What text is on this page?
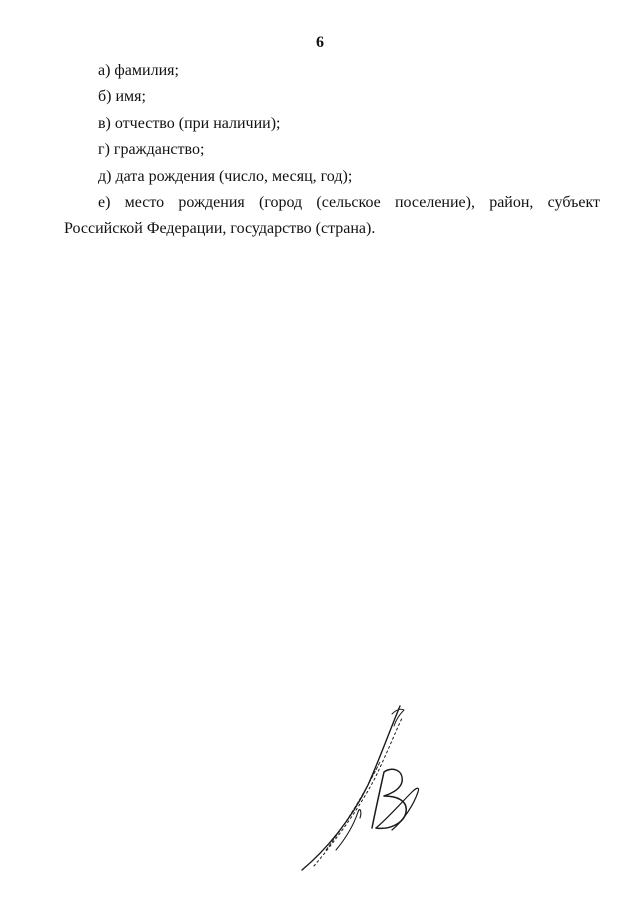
6

а) фамилия;

б) имя;

в) отчество (при наличии);

г) гражданство;

д) дата рождения (число, месяц, год);

е) место рождения (город (сельское поселение), район, субъект Российской Федерации, государство (страна).
